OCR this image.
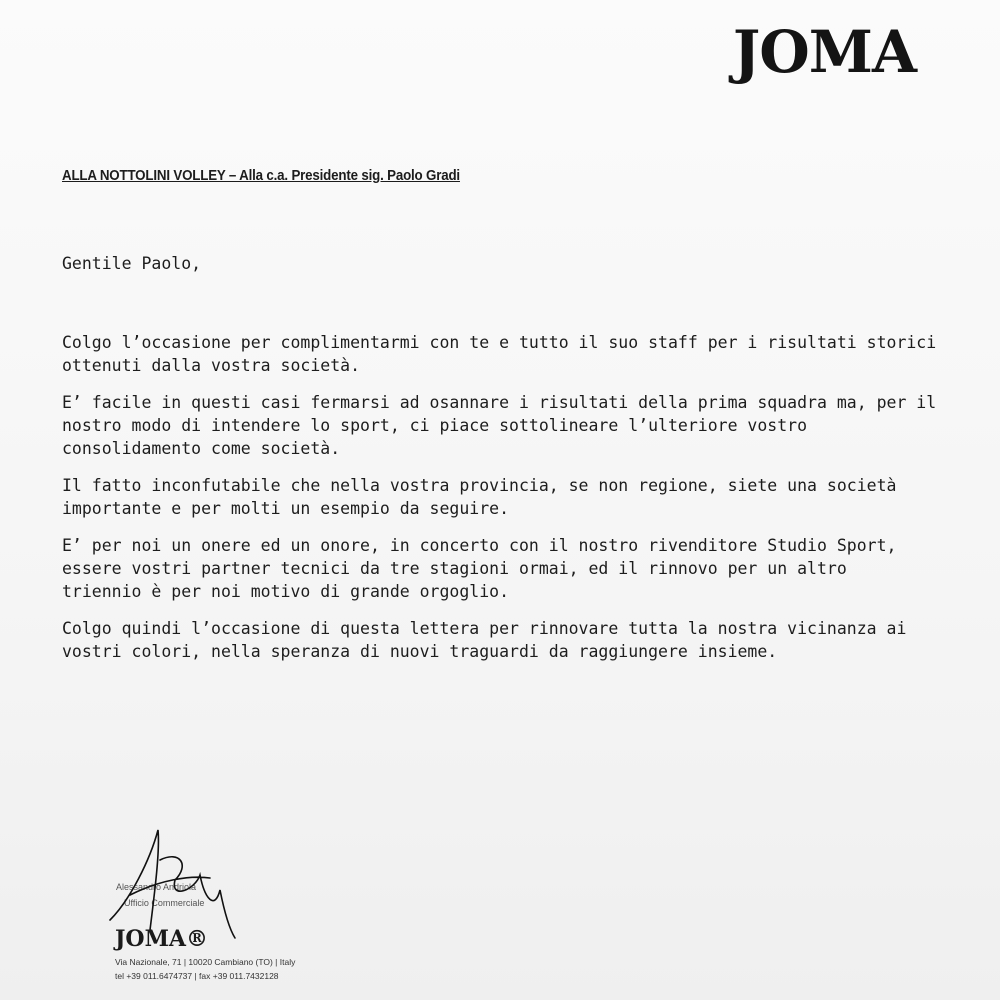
JOMA
ALLA NOTTOLINI VOLLEY – Alla c.a. Presidente sig. Paolo Gradi
Gentile Paolo,

Colgo l’occasione per complimentarmi con te e tutto il suo staff per i risultati storici
ottenuti dalla vostra società.

E’ facile in questi casi fermarsi ad osannare i risultati della prima squadra ma, per il
nostro modo di intendere lo sport, ci piace sottolineare l’ulteriore vostro
consolidamento come società.

Il fatto inconfutabile che nella vostra provincia, se non regione, siete una società
importante e per molti un esempio da seguire.

E’ per noi un onere ed un onore, in concerto con il nostro rivenditore Studio Sport,
essere vostri partner tecnici da tre stagioni ormai, ed il rinnovo per un altro
triennio è per noi motivo di grande orgoglio.

Colgo quindi l’occasione di questa lettera per rinnovare tutta la nostra vicinanza ai
vostri colori, nella speranza di nuovi traguardi da raggiungere insieme.

Alessandro Andriola
Ufficio Commerciale
JOMA®
Via Nazionale, 71 | 10020 Cambiano (TO) | Italy
tel +39 011.6474737 | fax +39 011.7432128
